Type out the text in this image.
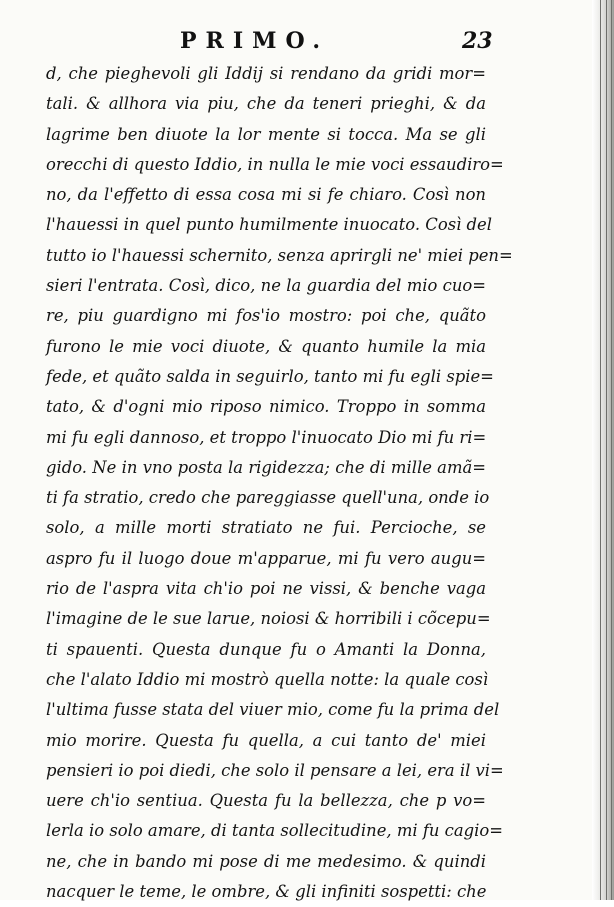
PRIMO.	23
d, che pieghevoli gli Iddij si rendano da gridi mor=
tali. & allhora via piu, che da teneri prieghi, & da
lagrime ben diuote la lor mente si tocca. Ma se gli
orecchi di questo Iddio, in nulla le mie voci essaudiro=
no, da l'effetto di essa cosa mi si fe chiaro. Così non
l'hauessi in quel punto humilmente inuocato. Così del
tutto io l'hauessi schernito, senza aprirgli ne' miei pen=
sieri l'entrata. Così, dico, ne la guardia del mio cuo=
re, piu guardigno mi fos'io mostro: poi che, quãto
furono le mie voci diuote, & quanto humile la mia
fede, et quãto salda in seguirlo, tanto mi fu egli spie=
tato, & d'ogni mio riposo nimico. Troppo in somma
mi fu egli dannoso, et troppo l'inuocato Dio mi fu ri=
gido. Ne in vno posta la rigidezza; che di mille amã=
ti fa stratio, credo che pareggiasse quell'una, onde io
solo, a mille morti stratiato ne fui. Percioche, se
aspro fu il luogo doue m'apparue, mi fu vero augu=
rio de l'aspra vita ch'io poi ne vissi, & benche vaga
l'imagine de le sue larue, noiosi & horribili i cõcepu=
ti spauenti. Questa dunque fu o Amanti la Donna,
che l'alato Iddio mi mostrò quella notte: la quale così
l'ultima fusse stata del viuer mio, come fu la prima del
mio morire. Questa fu quella, a cui tanto de' miei
pensieri io poi diedi, che solo il pensare a lei, era il vi=
uere ch'io sentiua. Questa fu la bellezza, che p vo=
lerla io solo amare, di tanta sollecitudine, mi fu cagio=
ne, che in bando mi pose di me medesimo. & quindi
nacquer le teme, le ombre, & gli infiniti sospetti: che
